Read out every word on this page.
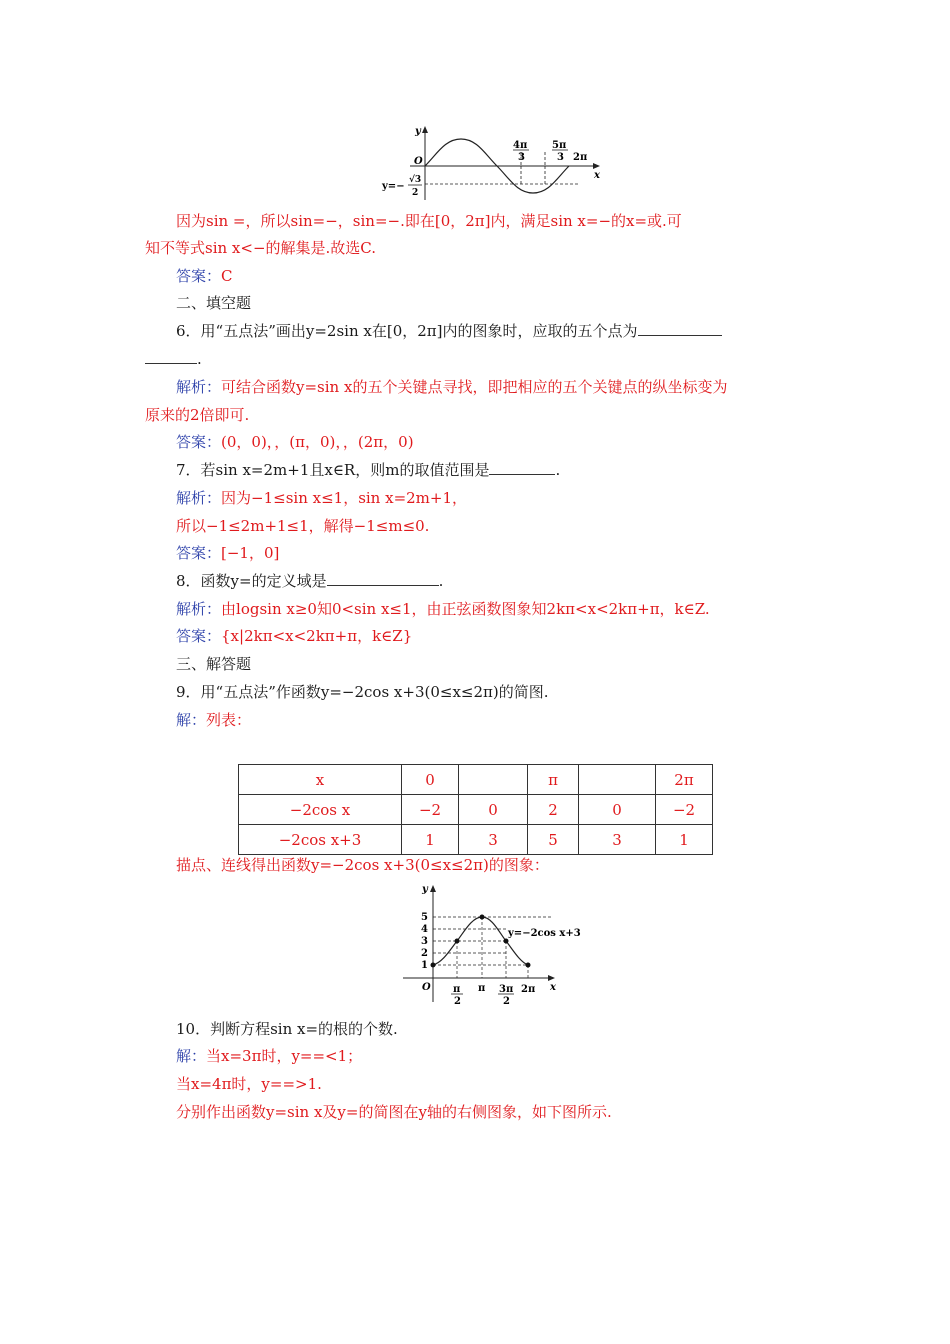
y
x
O
4π
3
5π
3 2π
y=−
√3
2
因为sin =，所以sin=−，sin=−.即在[0，2π]内，满足sin x=−的x=或.可
知不等式sin x<−的解集是.故选C.
答案：C
二、填空题
6．用“五点法”画出y=2sin x在[0，2π]内的图象时，应取的五个点为
.
解析：可结合函数y=sin x的五个关键点寻找，即把相应的五个关键点的纵坐标变为
原来的2倍即可.
答案：(0，0)，，(π，0)，，(2π，0)
7．若sin x=2m+1且x∈R，则m的取值范围是	.
解析：因为−1≤sin x≤1，sin x=2m+1，
所以−1≤2m+1≤1，解得−1≤m≤0.
答案：[−1，0]
8．函数y=的定义域是	.
解析：由logsin x≥0知0<sin x≤1，由正弦函数图象知2kπ<x<2kπ+π，k∈Z.
答案：{x|2kπ<x<2kπ+π，k∈Z}
三、解答题
9．用“五点法”作函数y=−2cos x+3(0≤x≤2π)的简图.
解：列表：
x	0		π		2π
−2cos x	−2	0	2	0	−2
−2cos x+3	1	3	5	3	1
描点、连线得出函数y=−2cos x+3(0≤x≤2π)的图象：
y
x
O
5
4
3
2
1
π
2
π 3π
2
2π
y=−2cos x+3
10．判断方程sin x=的根的个数.
解：当x=3π时，y==<1；
当x=4π时，y==>1.
分别作出函数y=sin x及y=的简图在y轴的右侧图象，如下图所示.
